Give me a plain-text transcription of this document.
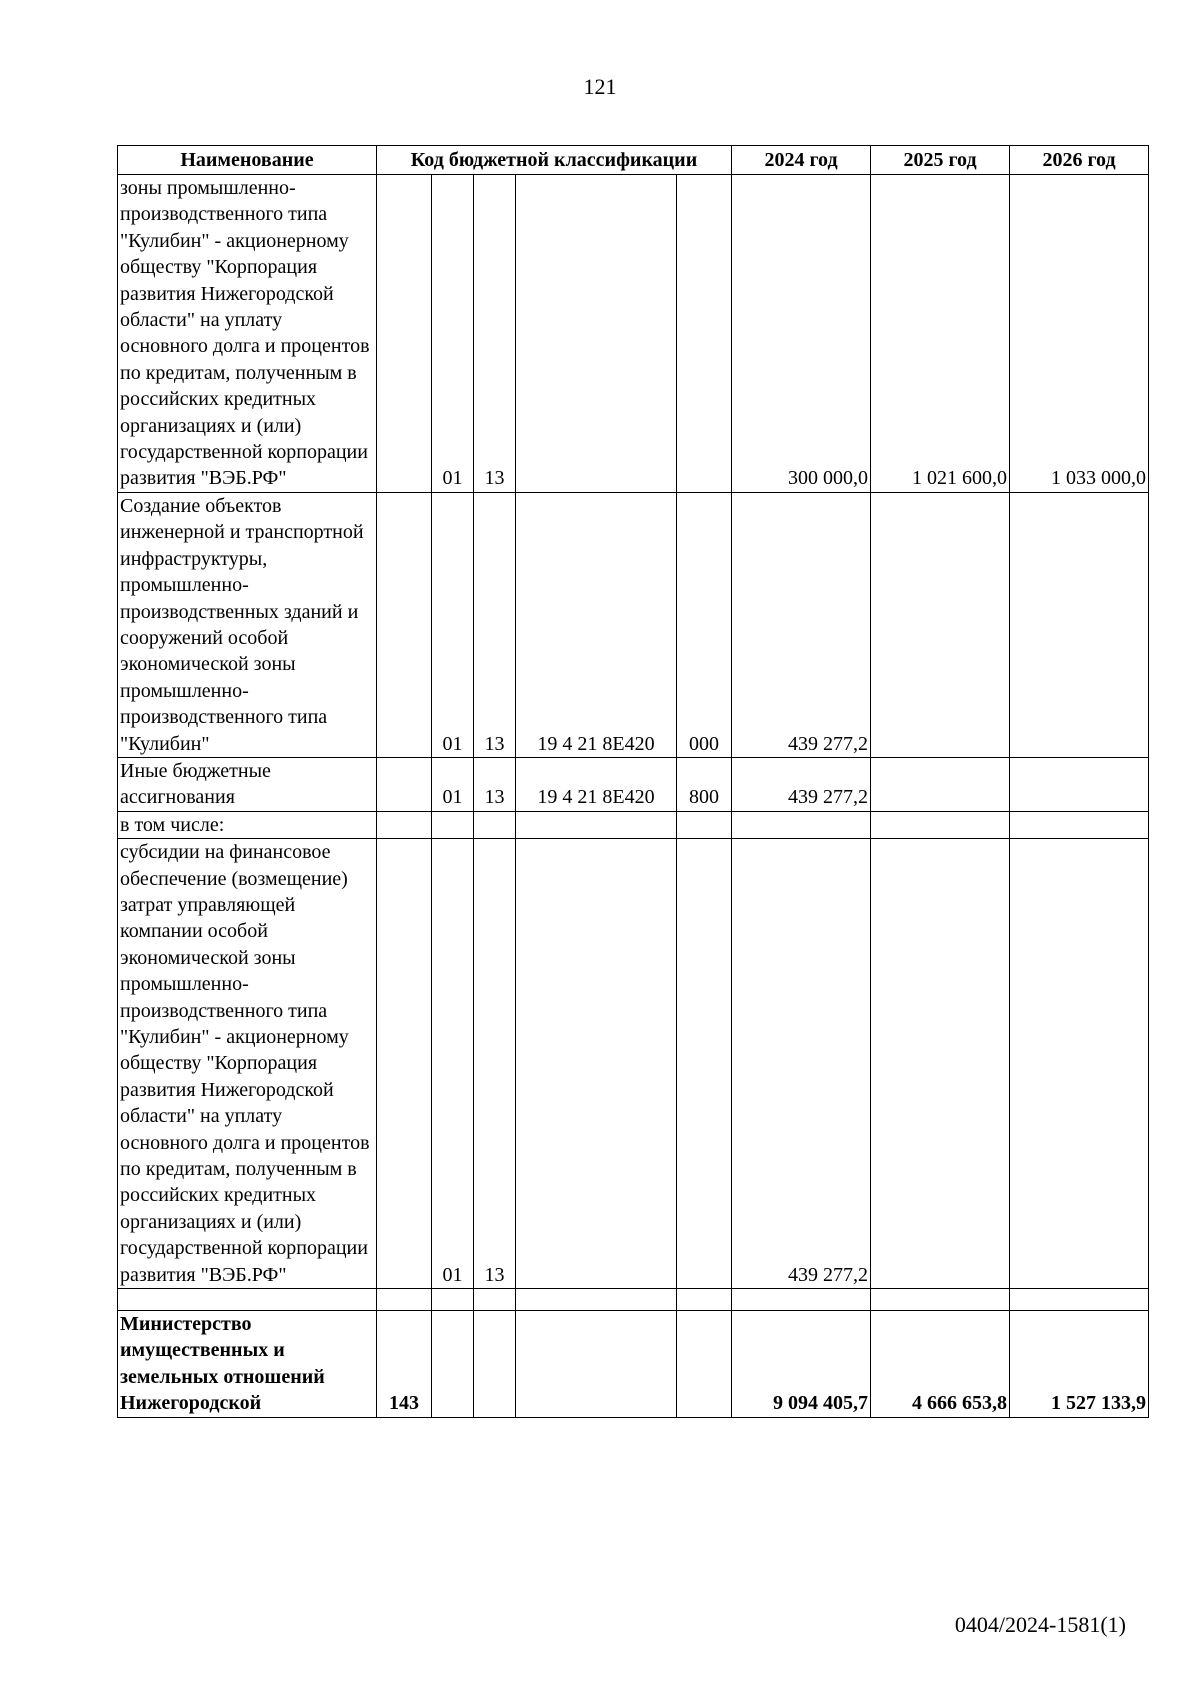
121
Наименование	Код бюджетной классификации					2024 год	2025 год	2026 год
зоны промышленно-производственного типа "Кулибин" - акционерному обществу "Корпорация развития Нижегородской области" на уплату основного долга и процентов по кредитам, полученным в российских кредитных организациях и (или) государственной корпорации развития "ВЭБ.РФ"		01	13			300 000,0	1 021 600,0	1 033 000,0
Создание объектов инженерной и транспортной инфраструктуры, промышленно-производственных зданий и сооружений особой экономической зоны промышленно-производственного типа "Кулибин"		01	13	19 4 21 8Е420	000	439 277,2		
Иные бюджетные ассигнования		01	13	19 4 21 8Е420	800	439 277,2		
в том числе:								
субсидии на финансовое обеспечение (возмещение) затрат управляющей компании особой экономической зоны промышленно-производственного типа "Кулибин" - акционерному обществу "Корпорация развития Нижегородской области" на уплату основного долга и процентов по кредитам, полученным в российских кредитных организациях и (или) государственной корпорации развития "ВЭБ.РФ"		01	13			439 277,2		

Министерство имущественных и земельных отношений Нижегородской	143					9 094 405,7	4 666 653,8	1 527 133,9
0404/2024-1581(1)
